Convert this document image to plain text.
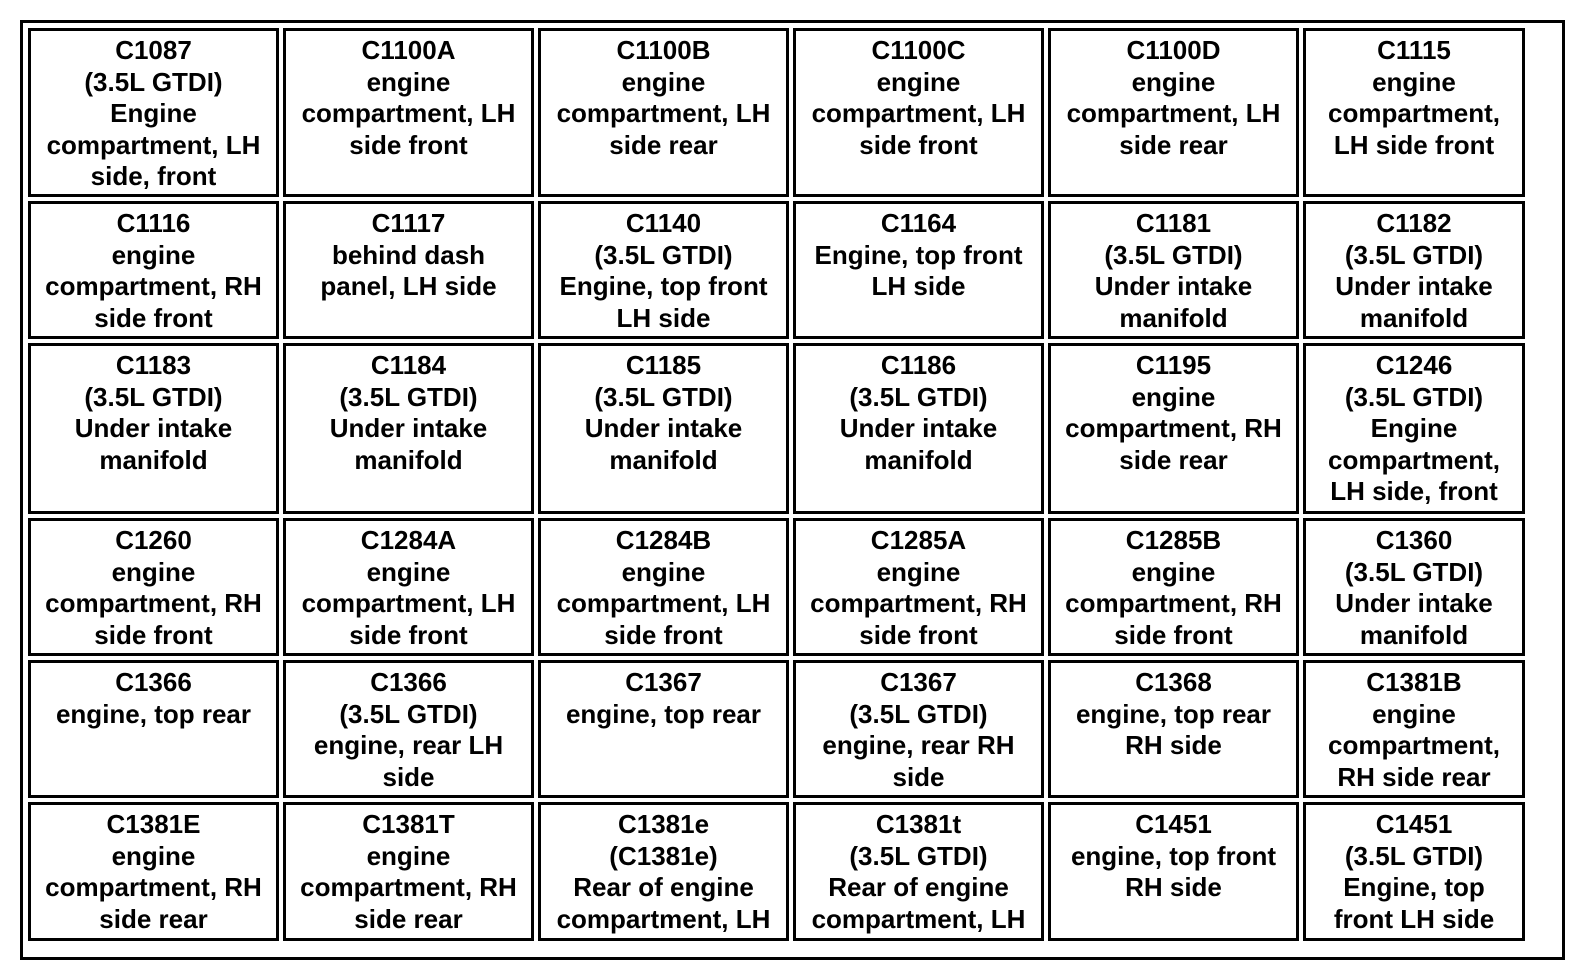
C1087
(3.5L GTDI)
Engine
compartment, LH
side, front
C1100A
engine
compartment, LH
side front
C1100B
engine
compartment, LH
side rear
C1100C
engine
compartment, LH
side front
C1100D
engine
compartment, LH
side rear
C1115
engine
compartment,
LH side front
C1116
engine
compartment, RH
side front
C1117
behind dash
panel, LH side
C1140
(3.5L GTDI)
Engine, top front
LH side
C1164
Engine, top front
LH side
C1181
(3.5L GTDI)
Under intake
manifold
C1182
(3.5L GTDI)
Under intake
manifold
C1183
(3.5L GTDI)
Under intake
manifold
C1184
(3.5L GTDI)
Under intake
manifold
C1185
(3.5L GTDI)
Under intake
manifold
C1186
(3.5L GTDI)
Under intake
manifold
C1195
engine
compartment, RH
side rear
C1246
(3.5L GTDI)
Engine
compartment,
LH side, front
C1260
engine
compartment, RH
side front
C1284A
engine
compartment, LH
side front
C1284B
engine
compartment, LH
side front
C1285A
engine
compartment, RH
side front
C1285B
engine
compartment, RH
side front
C1360
(3.5L GTDI)
Under intake
manifold
C1366
engine, top rear
C1366
(3.5L GTDI)
engine, rear LH
side
C1367
engine, top rear
C1367
(3.5L GTDI)
engine, rear RH
side
C1368
engine, top rear
RH side
C1381B
engine
compartment,
RH side rear
C1381E
engine
compartment, RH
side rear
C1381T
engine
compartment, RH
side rear
C1381e
(C1381e)
Rear of engine
compartment, LH
C1381t
(3.5L GTDI)
Rear of engine
compartment, LH
C1451
engine, top front
RH side
C1451
(3.5L GTDI)
Engine, top
front LH side
